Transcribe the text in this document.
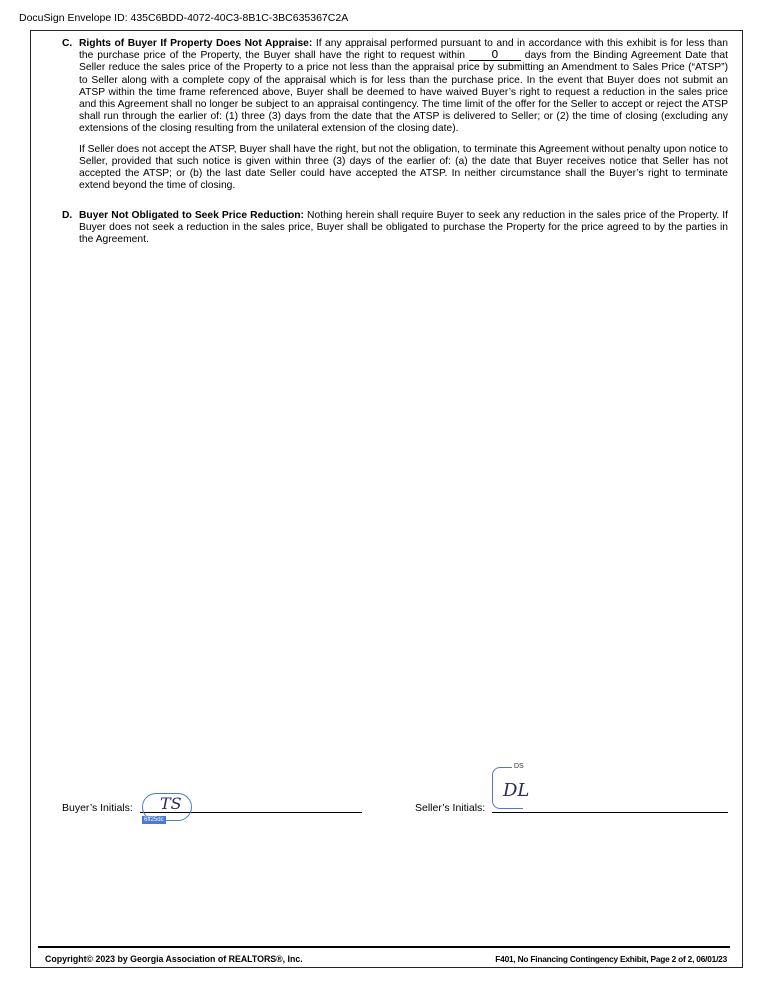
DocuSign Envelope ID: 435C6BDD-4072-40C3-8B1C-3BC635367C2A
C. Rights of Buyer If Property Does Not Appraise: If any appraisal performed pursuant to and in accordance with this exhibit is for less than the purchase price of the Property, the Buyer shall have the right to request within 0	days from the Binding Agreement Date that Seller reduce the sales price of the Property to a price not less than the appraisal price by submitting an Amendment to Sales Price (“ATSP”) to Seller along with a complete copy of the appraisal which is for less than the purchase price. In the event that Buyer does not submit an ATSP within the time frame referenced above, Buyer shall be deemed to have waived Buyer’s right to request a reduction in the sales price and this Agreement shall no longer be subject to an appraisal contingency. The time limit of the offer for the Seller to accept or reject the ATSP shall run through the earlier of: (1) three (3) days from the date that the ATSP is delivered to Seller; or (2) the time of closing (excluding any extensions of the closing resulting from the unilateral extension of the closing date).

If Seller does not accept the ATSP, Buyer shall have the right, but not the obligation, to terminate this Agreement without penalty upon notice to Seller, provided that such notice is given within three (3) days of the earlier of: (a) the date that Buyer receives notice that Seller has not accepted the ATSP; or (b) the last date Seller could have accepted the ATSP. In neither circumstance shall the Buyer’s right to terminate extend beyond the time of closing.

D. Buyer Not Obligated to Seek Price Reduction: Nothing herein shall require Buyer to seek any reduction in the sales price of the Property. If Buyer does not seek a reduction in the sales price, Buyer shall be obligated to purchase the Property for the price agreed to by the parties in the Agreement.

Buyer’s Initials: TS
6ff25dc
Seller’s Initials:
DS
DL
Copyright© 2023 by Georgia Association of REALTORS®, Inc.	F401, No Financing Contingency Exhibit, Page 2 of 2, 06/01/23
